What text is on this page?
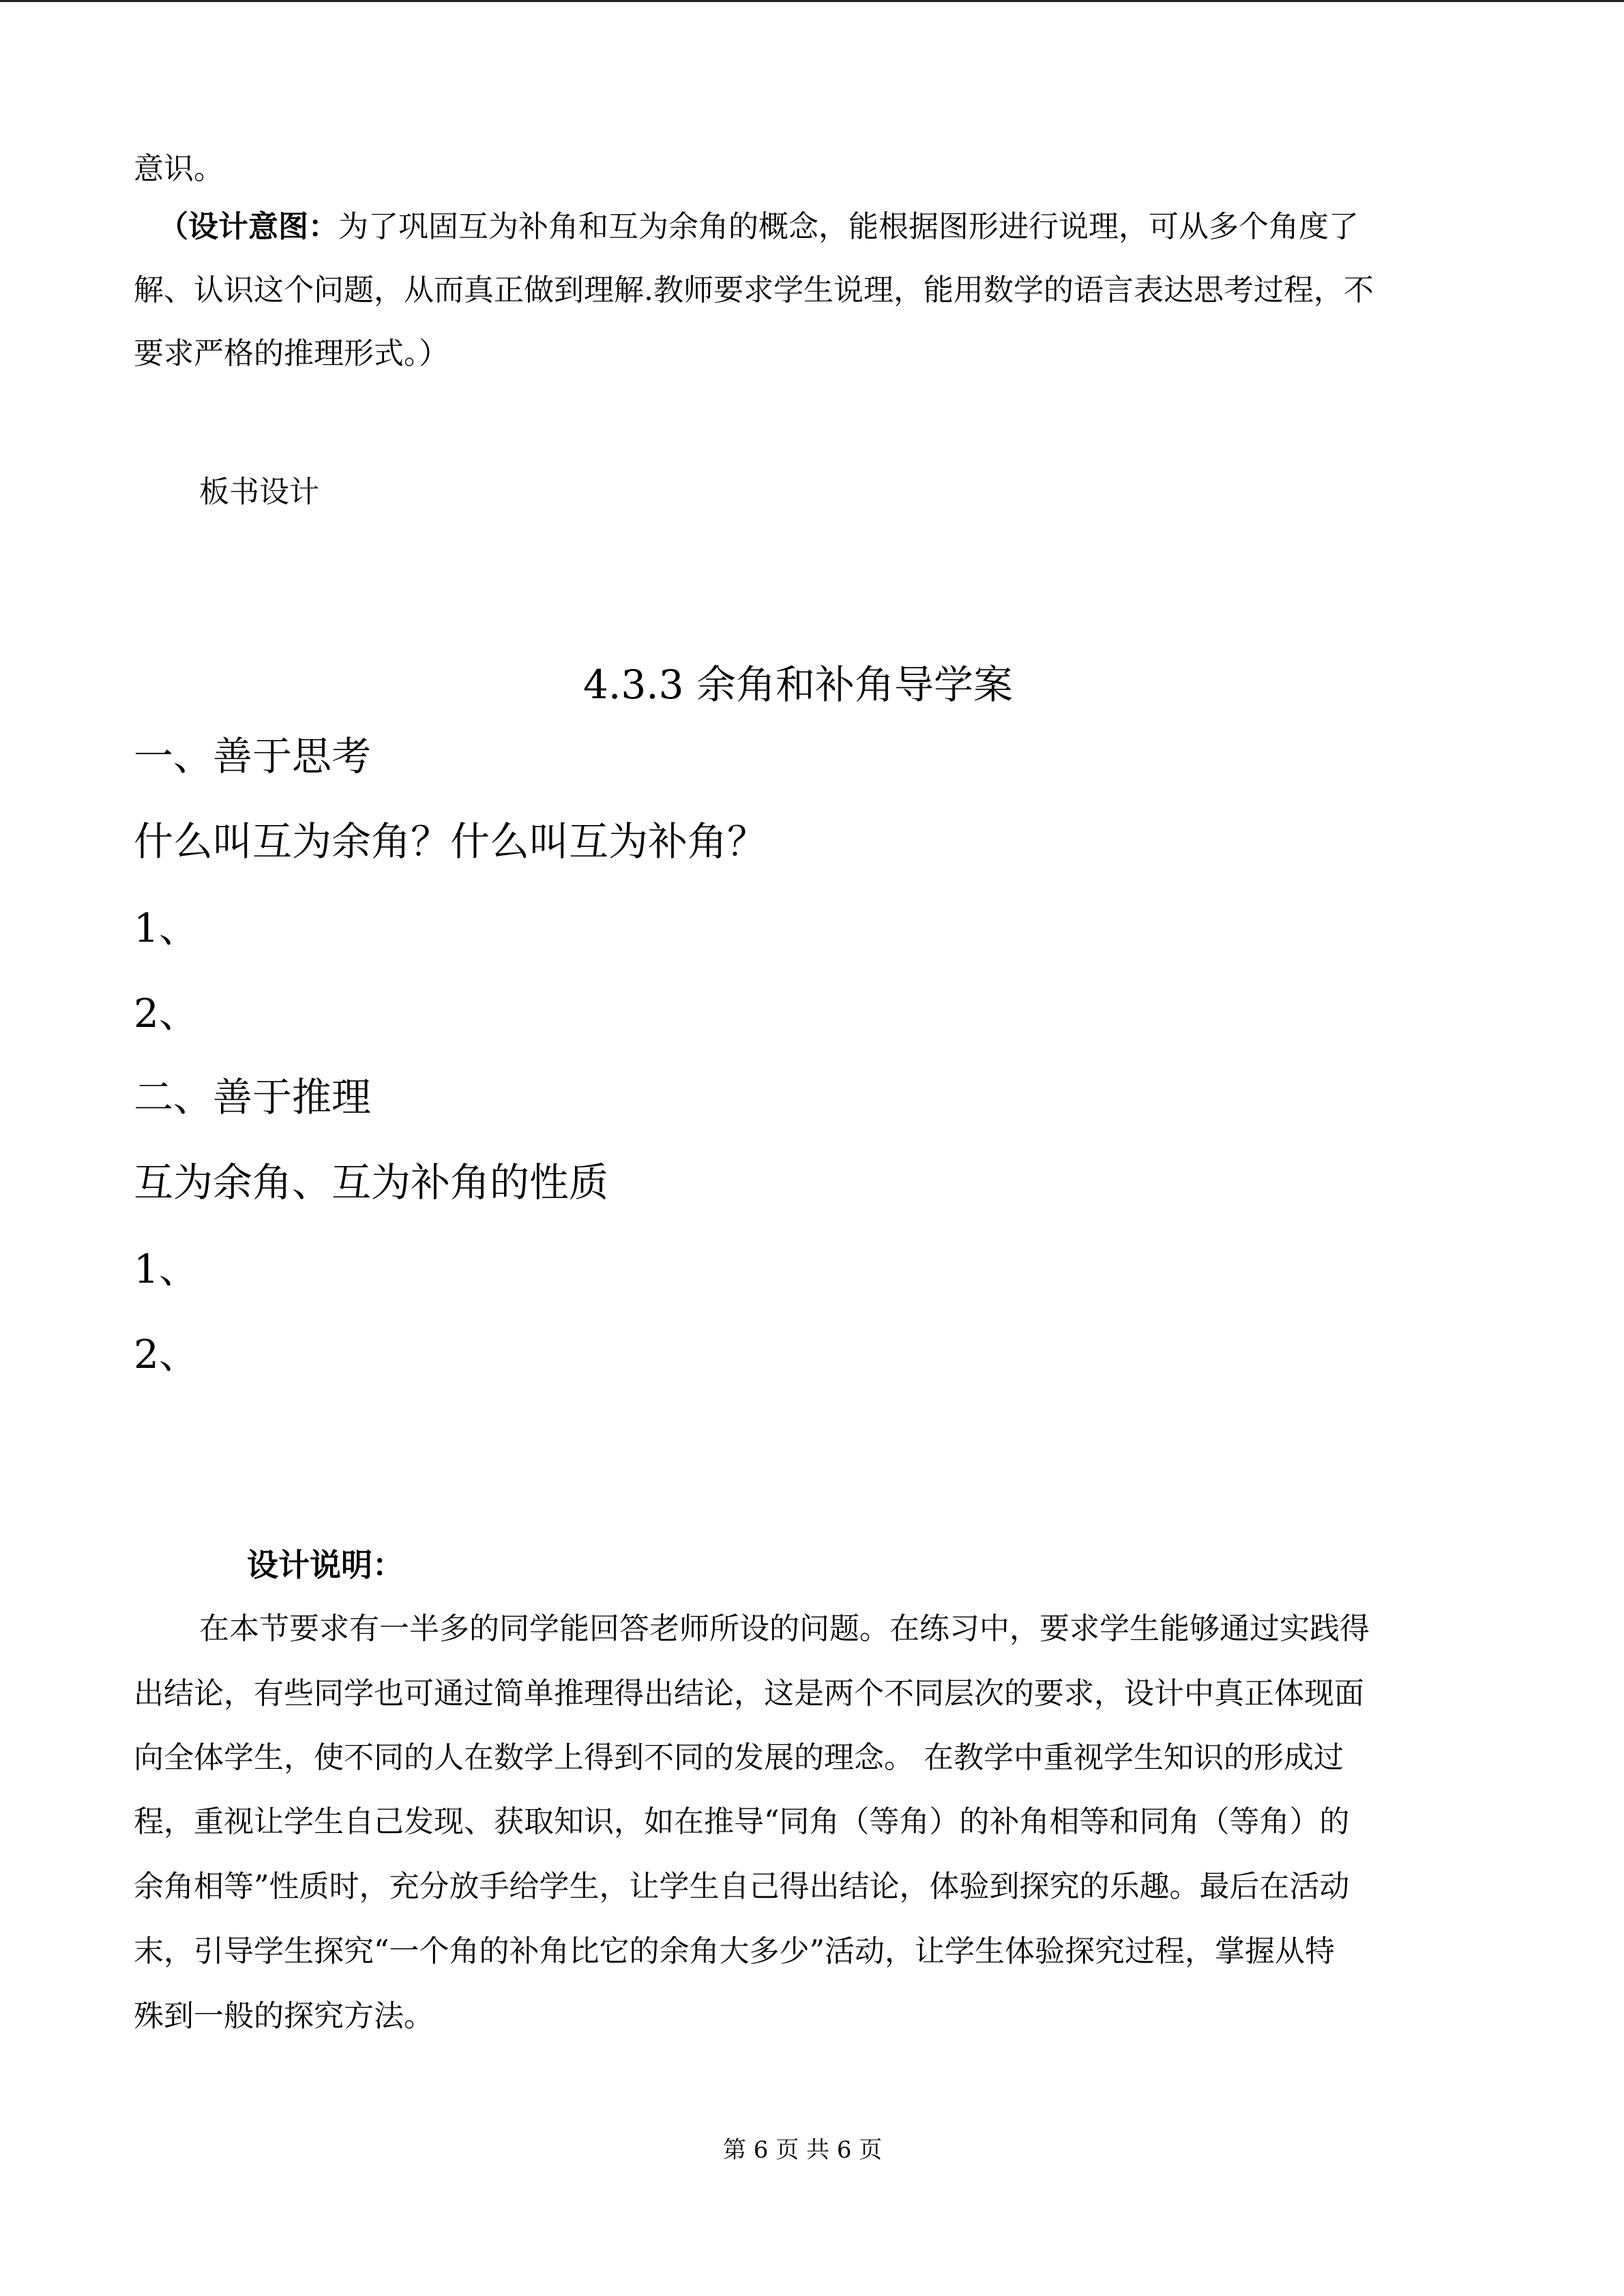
意识。
（设计意图：为了巩固互为补角和互为余角的概念，能根据图形进行说理，可从多个角度了
解、认识这个问题，从而真正做到理解.教师要求学生说理，能用数学的语言表达思考过程，不
要求严格的推理形式。）
板书设计
4.3.3 余角和补角导学案
一、善于思考
什么叫互为余角？什么叫互为补角？
1、
2、
二、善于推理
互为余角、互为补角的性质
1、
2、
设计说明：
在本节要求有一半多的同学能回答老师所设的问题。在练习中，要求学生能够通过实践得
出结论，有些同学也可通过简单推理得出结论，这是两个不同层次的要求，设计中真正体现面
向全体学生，使不同的人在数学上得到不同的发展的理念。 在教学中重视学生知识的形成过
程，重视让学生自己发现、获取知识，如在推导“同角（等角）的补角相等和同角（等角）的
余角相等”性质时，充分放手给学生，让学生自己得出结论，体验到探究的乐趣。最后在活动
末，引导学生探究“一个角的补角比它的余角大多少”活动，让学生体验探究过程，掌握从特
殊到一般的探究方法。
第 6 页 共 6 页
